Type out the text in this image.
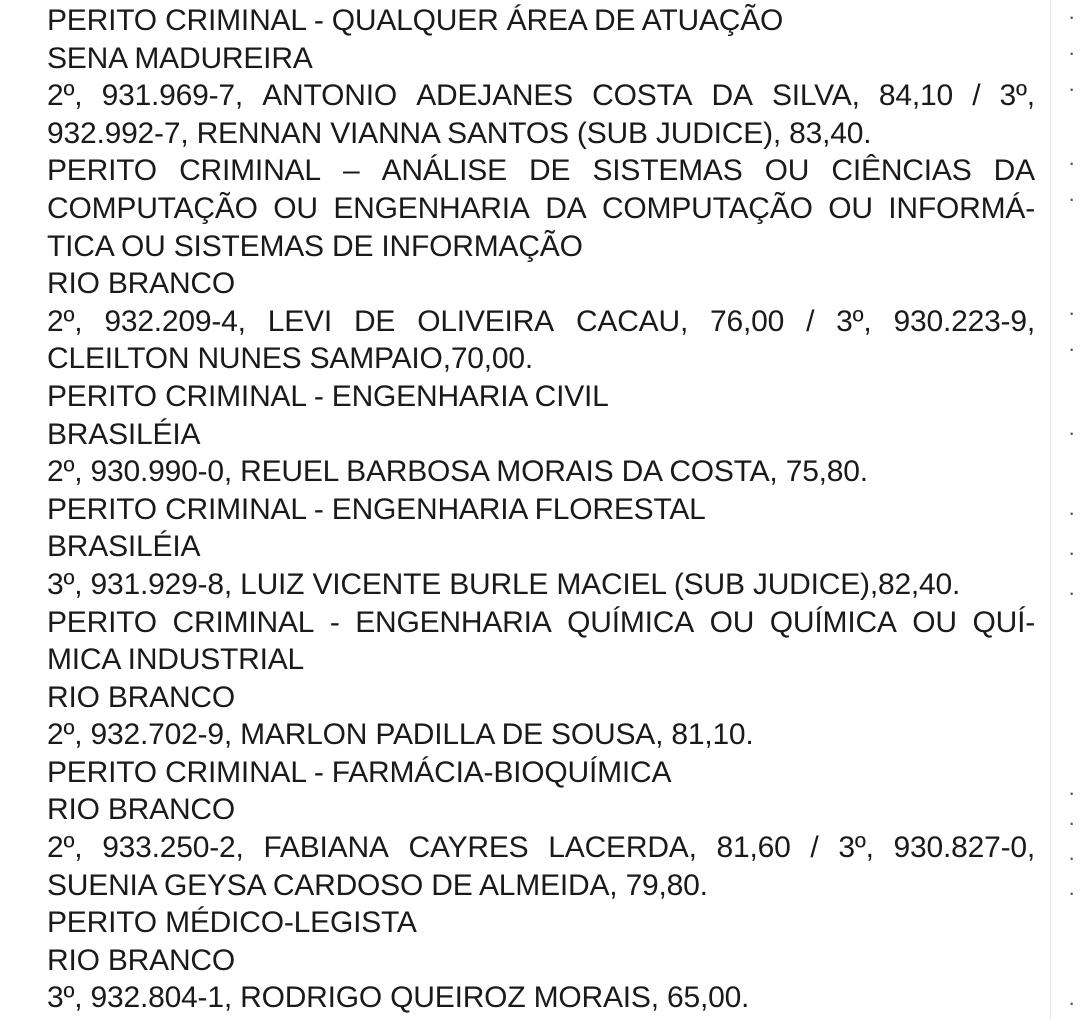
PERITO CRIMINAL - QUALQUER ÁREA DE ATUAÇÃO
SENA MADUREIRA
2º, 931.969-7, ANTONIO ADEJANES COSTA DA SILVA, 84,10 / 3º,
932.992-7, RENNAN VIANNA SANTOS (SUB JUDICE), 83,40.
PERITO CRIMINAL – ANÁLISE DE SISTEMAS OU CIÊNCIAS DA
COMPUTAÇÃO OU ENGENHARIA DA COMPUTAÇÃO OU INFORMÁ-
TICA OU SISTEMAS DE INFORMAÇÃO
RIO BRANCO
2º, 932.209-4, LEVI DE OLIVEIRA CACAU, 76,00 / 3º, 930.223-9,
CLEILTON NUNES SAMPAIO,70,00.
PERITO CRIMINAL - ENGENHARIA CIVIL
BRASILÉIA
2º, 930.990-0, REUEL BARBOSA MORAIS DA COSTA, 75,80.
PERITO CRIMINAL - ENGENHARIA FLORESTAL
BRASILÉIA
3º, 931.929-8, LUIZ VICENTE BURLE MACIEL (SUB JUDICE),82,40.
PERITO CRIMINAL - ENGENHARIA QUÍMICA OU QUÍMICA OU QUÍ-
MICA INDUSTRIAL
RIO BRANCO
2º, 932.702-9, MARLON PADILLA DE SOUSA, 81,10.
PERITO CRIMINAL - FARMÁCIA-BIOQUÍMICA
RIO BRANCO
2º, 933.250-2, FABIANA CAYRES LACERDA, 81,60 / 3º, 930.827-0,
SUENIA GEYSA CARDOSO DE ALMEIDA, 79,80.
PERITO MÉDICO-LEGISTA
RIO BRANCO
3º, 932.804-1, RODRIGO QUEIROZ MORAIS, 65,00.
·
·
·
·
·
·
·
·
·
·
·
·
·
·
·
·
